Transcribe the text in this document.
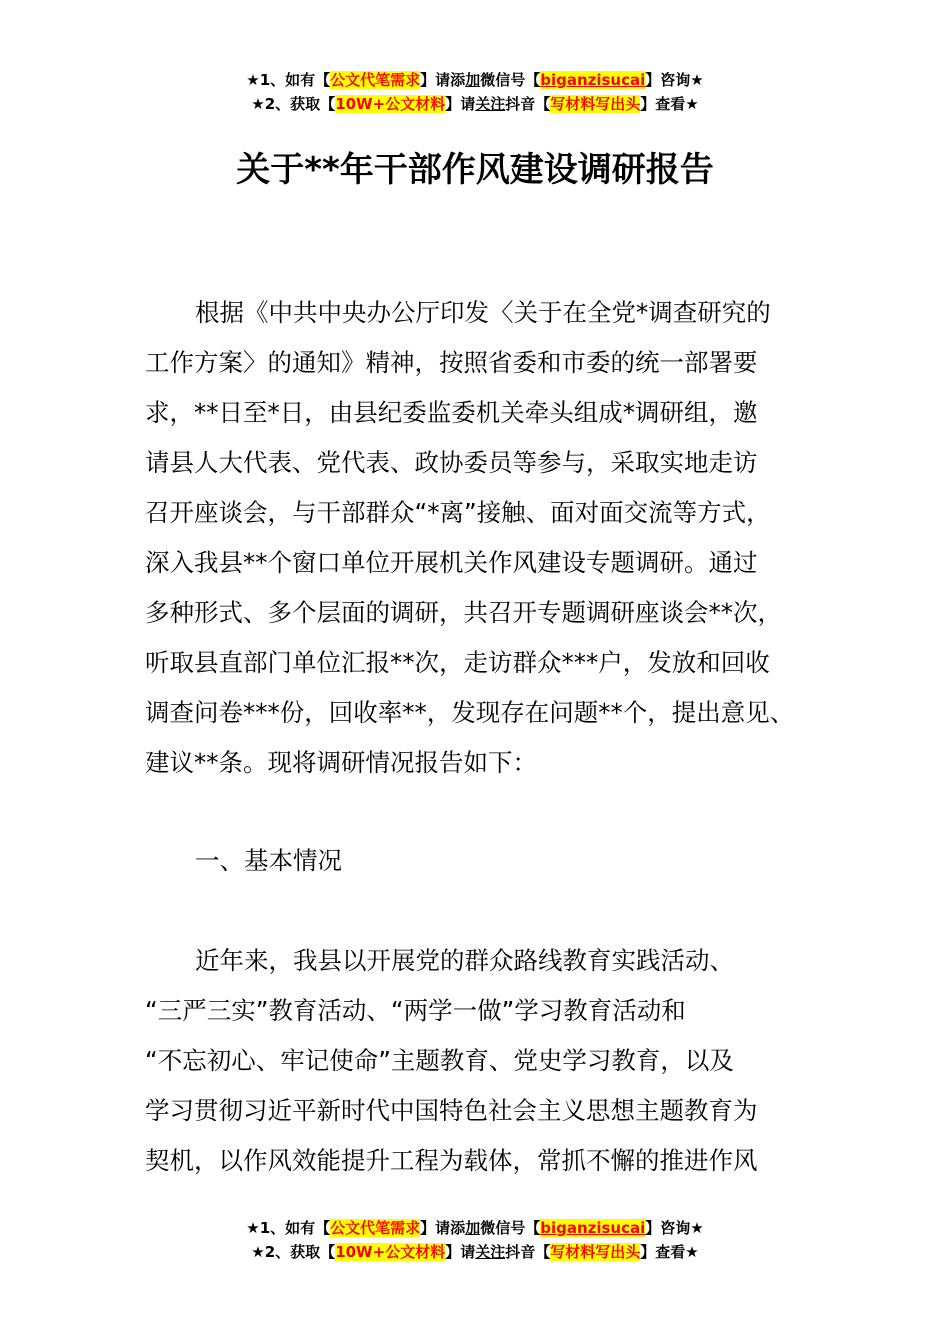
★1、如有【公文代笔需求】请添加微信号【biganzisucai】咨询★
★2、获取【10W+公文材料】请关注抖音【写材料写出头】查看★
关于**年干部作风建设调研报告
根据《中共中央办公厅印发〈关于在全党*调查研究的
工作方案〉的通知》精神，按照省委和市委的统一部署要
求，**日至*日，由县纪委监委机关牵头组成*调研组，邀
请县人大代表、党代表、政协委员等参与，采取实地走访
召开座谈会，与干部群众“*离”接触、面对面交流等方式，
深入我县**个窗口单位开展机关作风建设专题调研。通过
多种形式、多个层面的调研，共召开专题调研座谈会**次，
听取县直部门单位汇报**次，走访群众***户，发放和回收
调查问卷***份，回收率**，发现存在问题**个，提出意见、
建议**条。现将调研情况报告如下：
一、基本情况
近年来，我县以开展党的群众路线教育实践活动、
“三严三实”教育活动、“两学一做”学习教育活动和
“不忘初心、牢记使命”主题教育、党史学习教育，以及
学习贯彻习近平新时代中国特色社会主义思想主题教育为
契机，以作风效能提升工程为载体，常抓不懈的推进作风
★1、如有【公文代笔需求】请添加微信号【biganzisucai】咨询★
★2、获取【10W+公文材料】请关注抖音【写材料写出头】查看★
